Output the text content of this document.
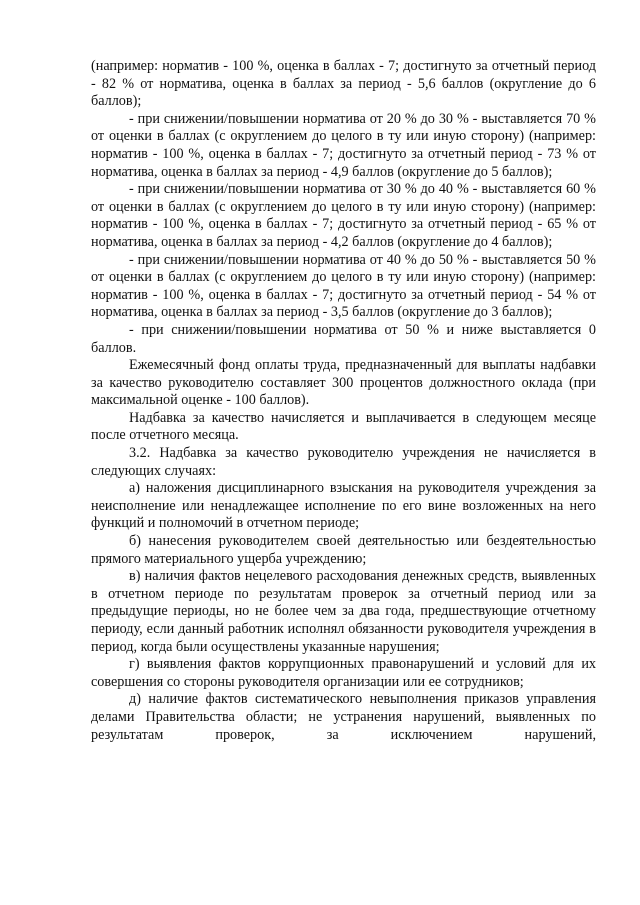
(например: норматив - 100 %, оценка в баллах - 7; достигнуто за отчетный период - 82 % от норматива, оценка в баллах за период - 5,6 баллов (округление до 6 баллов);

- при снижении/повышении норматива от 20 % до 30 % - выставляется 70 % от оценки в баллах (с округлением до целого в ту или иную сторону) (например: норматив - 100 %, оценка в баллах - 7; достигнуто за отчетный период - 73 % от норматива, оценка в баллах за период - 4,9 баллов (округление до 5 баллов);

- при снижении/повышении норматива от 30 % до 40 % - выставляется 60 % от оценки в баллах (с округлением до целого в ту или иную сторону) (например: норматив - 100 %, оценка в баллах - 7; достигнуто за отчетный период - 65 % от норматива, оценка в баллах за период - 4,2 баллов (округление до 4 баллов);

- при снижении/повышении норматива от 40 % до 50 % - выставляется 50 % от оценки в баллах (с округлением до целого в ту или иную сторону) (например: норматив - 100 %, оценка в баллах - 7; достигнуто за отчетный период - 54 % от норматива, оценка в баллах за период - 3,5 баллов (округление до 3 баллов);

- при снижении/повышении норматива от 50 % и ниже выставляется 0 баллов.

Ежемесячный фонд оплаты труда, предназначенный для выплаты надбавки за качество руководителю составляет 300 процентов должностного оклада (при максимальной оценке - 100 баллов).

Надбавка за качество начисляется и выплачивается в следующем месяце после отчетного месяца.

3.2. Надбавка за качество руководителю учреждения не начисляется в следующих случаях:

а) наложения дисциплинарного взыскания на руководителя учреждения за неисполнение или ненадлежащее исполнение по его вине возложенных на него функций и полномочий в отчетном периоде;

б) нанесения руководителем своей деятельностью или бездеятельностью прямого материального ущерба учреждению;

в) наличия фактов нецелевого расходования денежных средств, выявленных в отчетном периоде по результатам проверок за отчетный период или за предыдущие периоды, но не более чем за два года, предшествующие отчетному периоду, если данный работник исполнял обязанности руководителя учреждения в период, когда были осуществлены указанные нарушения;

г) выявления фактов коррупционных правонарушений и условий для их совершения со стороны руководителя организации или ее сотрудников;

д) наличие фактов систематического невыполнения приказов управления делами Правительства области; не устранения нарушений, выявленных по результатам проверок, за исключением нарушений,
